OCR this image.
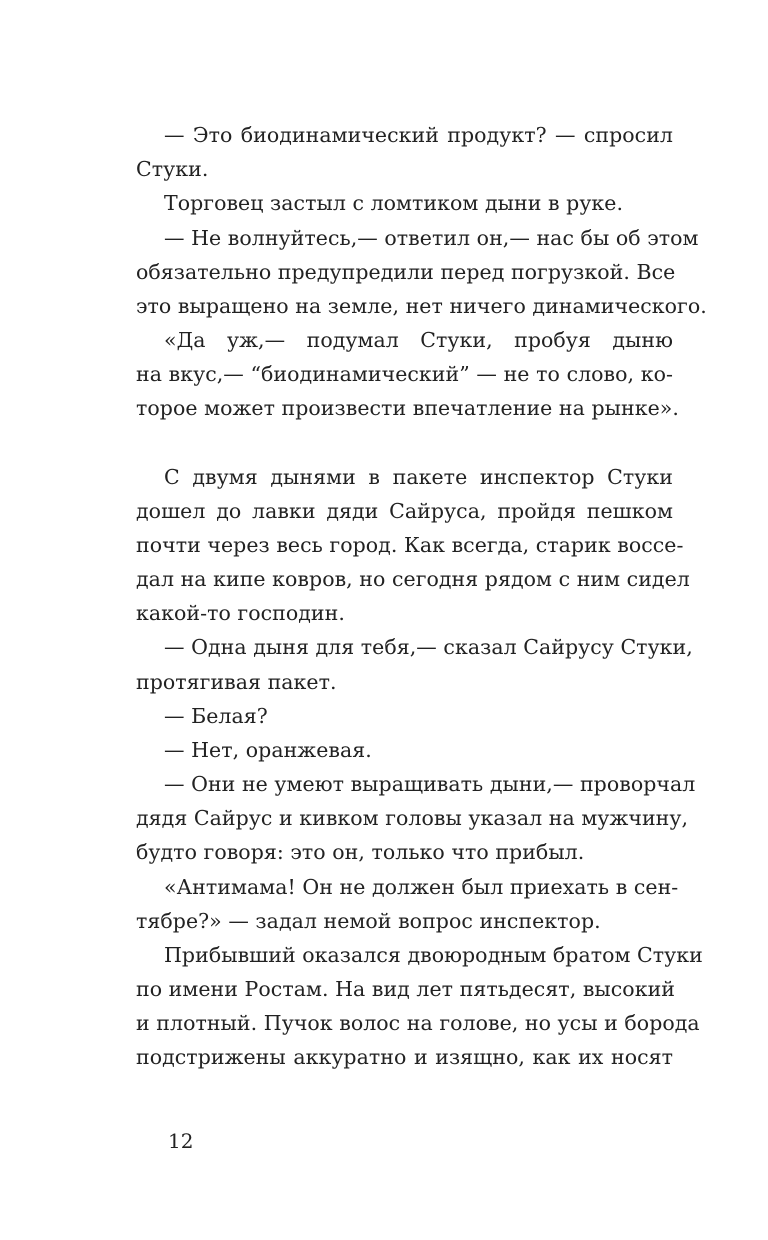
— Это биодинамический продукт? — спросил
Стуки.
Торговец застыл с ломтиком дыни в руке.
— Не волнуйтесь,— ответил он,— нас бы об этом
обязательно предупредили перед погрузкой. Все
это выращено на земле, нет ничего динамического.
«Да уж,— подумал Стуки, пробуя дыню
на вкус,— “биодинамический” — не то слово, ко-
торое может произвести впечатление на рынке».
С двумя дынями в пакете инспектор Стуки
дошел до лавки дяди Сайруса, пройдя пешком
почти через весь город. Как всегда, старик воссе-
дал на кипе ковров, но сегодня рядом с ним сидел
какой-то господин.
— Одна дыня для тебя,— сказал Сайрусу Стуки,
протягивая пакет.
— Белая?
— Нет, оранжевая.
— Они не умеют выращивать дыни,— проворчал
дядя Сайрус и кивком головы указал на мужчину,
будто говоря: это он, только что прибыл.
«Антимама! Он не должен был приехать в сен-
тябре?» — задал немой вопрос инспектор.
Прибывший оказался двоюродным братом Стуки
по имени Ростам. На вид лет пятьдесят, высокий
и плотный. Пучок волос на голове, но усы и борода
подстрижены аккуратно и изящно, как их носят
12
